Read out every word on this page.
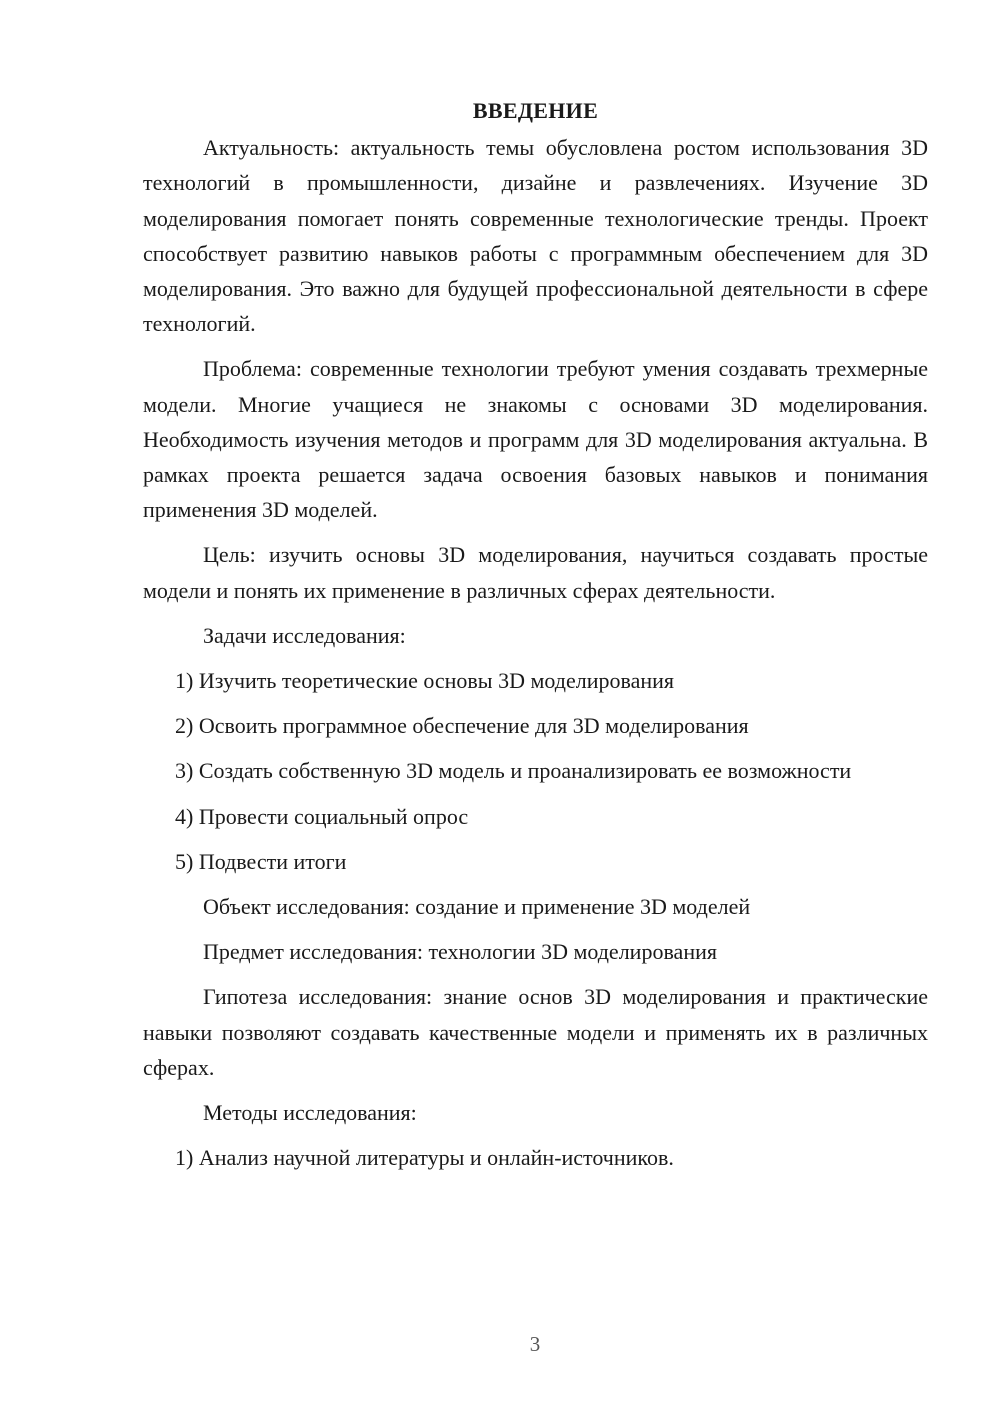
ВВЕДЕНИЕ

Актуальность: актуальность темы обусловлена ростом использования 3D технологий в промышленности, дизайне и развлечениях. Изучение 3D моделирования помогает понять современные технологические тренды. Проект способствует развитию навыков работы с программным обеспечением для 3D моделирования. Это важно для будущей профессиональной деятельности в сфере технологий.

Проблема: современные технологии требуют умения создавать трехмерные модели. Многие учащиеся не знакомы с основами 3D моделирования. Необходимость изучения методов и программ для 3D моделирования актуальна. В рамках проекта решается задача освоения базовых навыков и понимания применения 3D моделей.

Цель: изучить основы 3D моделирования, научиться создавать простые модели и понять их применение в различных сферах деятельности.

Задачи исследования:

1) Изучить теоретические основы 3D моделирования

2) Освоить программное обеспечение для 3D моделирования

3) Создать собственную 3D модель и проанализировать ее возможности

4) Провести социальный опрос

5) Подвести итоги

Объект исследования: создание и применение 3D моделей

Предмет исследования: технологии 3D моделирования

Гипотеза исследования: знание основ 3D моделирования и практические навыки позволяют создавать качественные модели и применять их в различных сферах.

Методы исследования:

1) Анализ научной литературы и онлайн-источников.

3
